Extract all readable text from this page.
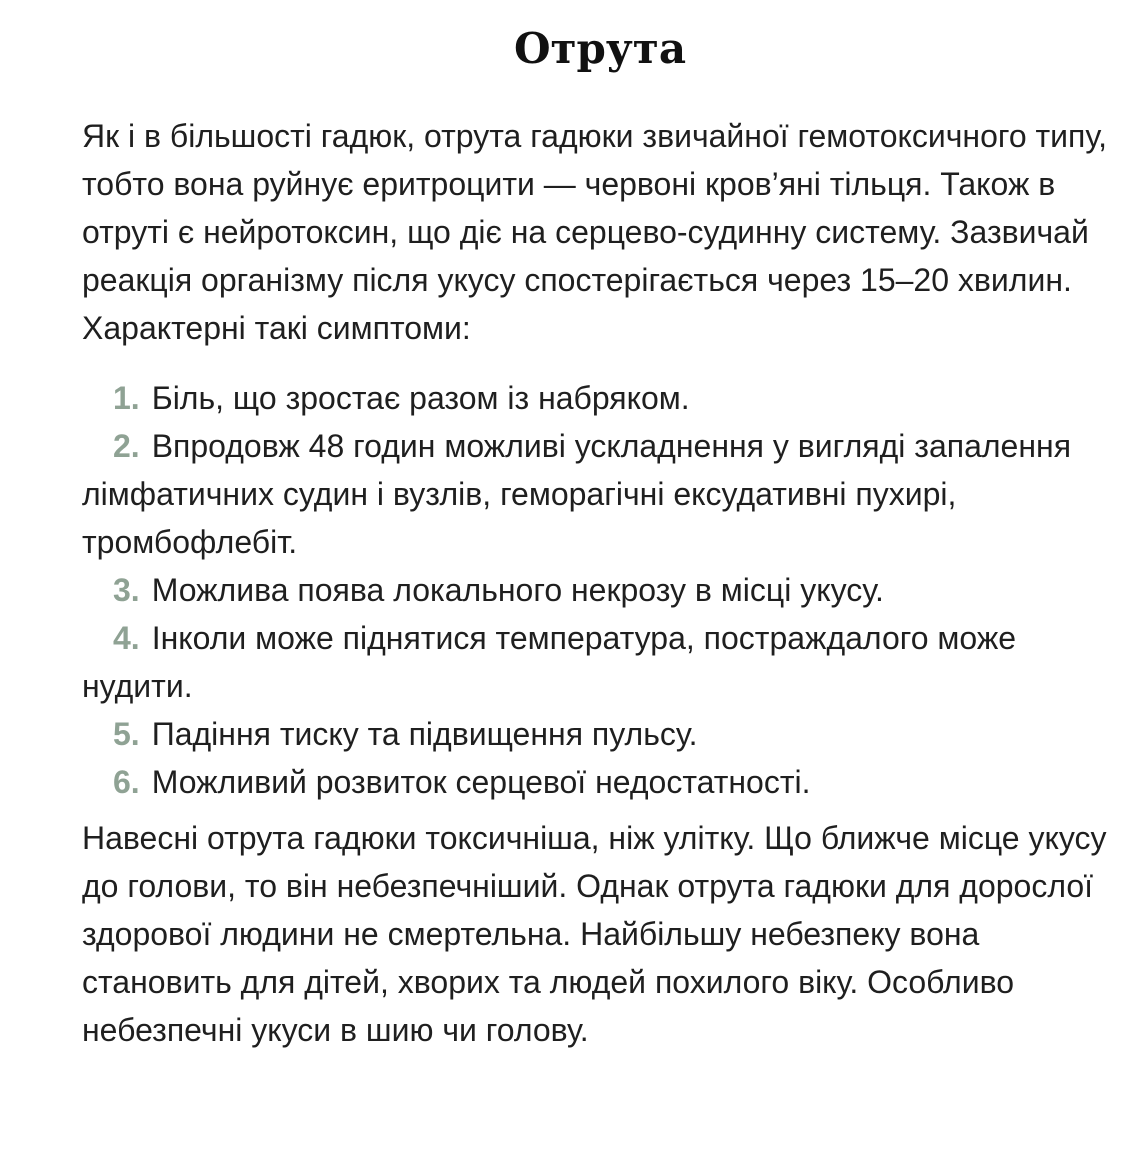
Отрута

Як і в більшості гадюк, отрута гадюки звичайної гемотоксичного типу, тобто вона руйнує еритроцити — червоні кров’яні тільця. Також в отруті є нейротоксин, що діє на серцево-судинну систему. Зазвичай реакція організму після укусу спостерігається через 15–20 хвилин. Характерні такі симптоми:

1. Біль, що зростає разом із набряком.
2. Впродовж 48 годин можливі ускладнення у вигляді запалення лімфатичних судин і вузлів, геморагічні ексудативні пухирі, тромбофлебіт.
3. Можлива поява локального некрозу в місці укусу.
4. Інколи може піднятися температура, постраждалого може нудити.
5. Падіння тиску та підвищення пульсу.
6. Можливий розвиток серцевої недостатності.

Навесні отрута гадюки токсичніша, ніж улітку. Що ближче місце укусу до голови, то він небезпечніший. Однак отрута гадюки для дорослої здорової людини не смертельна. Найбільшу небезпеку вона становить для дітей, хворих та людей похилого віку. Особливо небезпечні укуси в шию чи голову.
